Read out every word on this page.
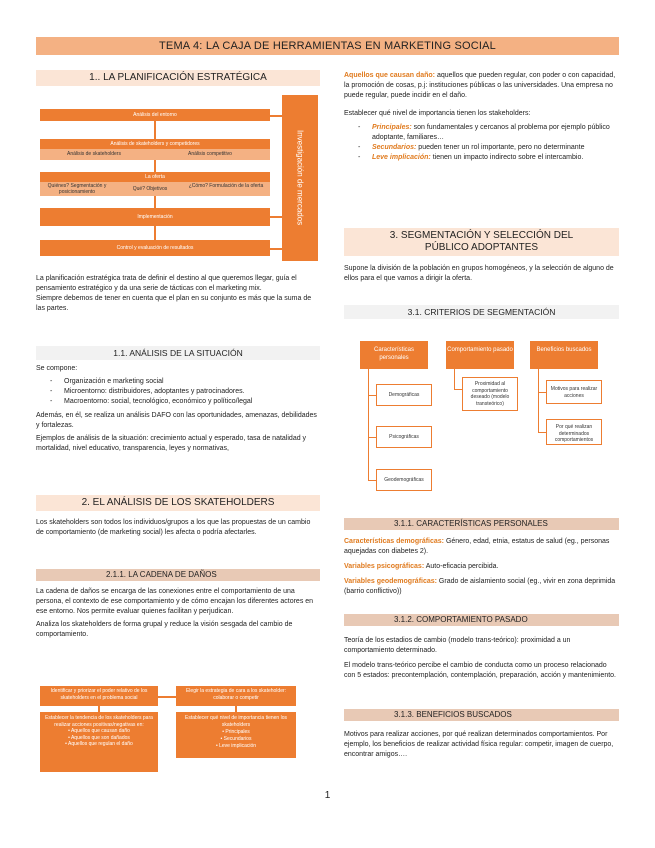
TEMA 4: LA CAJA DE HERRAMIENTAS EN MARKETING SOCIAL
1.. LA PLANIFICACIÓN ESTRATÉGICA
Análisis del entorno
Análisis de skateholders y competidores
Análisis de skateholders	Análisis competitivo
La oferta
Quiénes? Segmentación y posicionamiento	Qué? Objetivos	¿Cómo? Formulación de la oferta
Implementación
Control y evaluación de resultados
Investigación de mercados

La planificación estratégica trata de definir el destino al que queremos llegar, guía el pensamiento estratégico y da una serie de tácticas con el marketing mix.

Siempre debemos de tener en cuenta que el plan en su conjunto es más que la suma de las partes.

1.1. ANÁLISIS DE LA SITUACIÓN

Se compone:

-	Organización e marketing social
-	Microentorno: distribuidores, adoptantes y patrocinadores.
-	Macroentorno: social, tecnológico, económico y político/legal

Además, en él, se realiza un análisis DAFO con las oportunidades, amenazas, debilidades y fortalezas.

Ejemplos de análisis de la situación: crecimiento actual y esperado, tasa de natalidad y mortalidad, nivel educativo, transparencia, leyes y normativas,

2. EL ANÁLISIS DE LOS SKATEHOLDERS

Los skateholders son todos los individuos/grupos a los que las propuestas de un cambio de comportamiento (de marketing social) les afecta o podría afectarles.

2.1.1. LA CADENA DE DAÑOS

La cadena de daños se encarga de las conexiones entre el comportamiento de una persona, el contexto de ese comportamiento y de cómo encajan los diferentes actores en ese entorno. Nos permite evaluar quienes facilitan y perjudican.

Analiza los skateholders de forma grupal y reduce la visión sesgada del cambio de comportamiento.

Identificar y priorizar el poder relativo de los skateholders en el problema social
Establecer la tendencia de los skateholders para realizar acciones positivas/negativas en:
• Aquellos que causan daño
• Aquellos que son dañados
• Aquellos que regulan el daño
Elegir la estrategia de cara a los skateholder: colaborar o competir
Establecer qué nivel de importancia tienen los skateholders
• Principales
• Secundarios
• Leve implicación

Aquellos que causan daño: aquellos que pueden regular, con poder o con capacidad, la promoción de cosas, p.j: instituciones públicas o las universidades. Una empresa no puede regular, puede incidir en el daño.

Establecer qué nivel de importancia tienen los stakeholders:

-	Principales: son fundamentales y cercanos al problema por ejemplo público adoptante, familiares…
-	Secundarios: pueden tener un rol importante, pero no determinante
-	Leve implicación: tienen un impacto indirecto sobre el intercambio.
3. SEGMENTACIÓN Y SELECCIÓN DEL PÚBLICO ADOPTANTES

Supone la división de la población en grupos homogéneos, y la selección de alguno de ellos para el que vamos a dirigir la oferta.

3.1. CRITERIOS DE SEGMENTACIÓN
Características personales
Comportamiento pasado	Beneficios buscados
Demográficas
Psicográficas
Geodemográficas
Proximidad al comportamiento deseado (modelo transteórico)
Motivos para realizar acciones
Por qué realizan determinados comportamientos
3.1.1. CARACTERÍSTICAS PERSONALES

Características demográficas: Género, edad, etnia, estatus de salud (eg., personas aquejadas con diabetes 2).

Variables psicográficas: Auto-eficacia percibida.

Variables geodemográficas: Grado de aislamiento social (eg., vivir en zona deprimida (barrio conflictivo))

3.1.2. COMPORTAMIENTO PASADO

Teoría de los estadios de cambio (modelo trans-teórico): proximidad a un comportamiento determinado.

El modelo trans-teórico percibe el cambio de conducta como un proceso relacionado con 5 estados: precontemplación, contemplación, preparación, acción y mantenimiento.

3.1.3. BENEFICIOS BUSCADOS

Motivos para realizar acciones, por qué realizan determinados comportamientos. Por ejemplo, los beneficios de realizar actividad física regular: competir, imagen de cuerpo, encontrar amigos….

1
